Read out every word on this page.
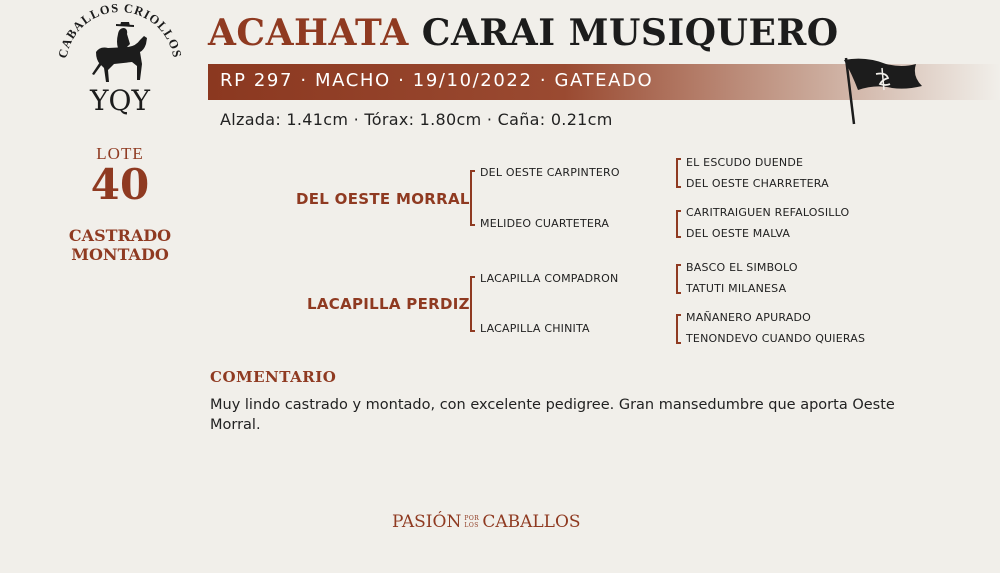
CABALLOS CRIOLLOS
YQY
LOTE
40
CASTRADO
MONTADO
ACAHATA CARAI MUSIQUERO
RP 297 · MACHO · 19/10/2022 · GATEADO
Alzada: 1.41cm · Tórax: 1.80cm · Caña: 0.21cm
DEL OESTE MORRAL
DEL OESTE CARPINTERO
MELIDEO CUARTETERA
EL ESCUDO DUENDE
DEL OESTE CHARRETERA
CARITRAIGUEN REFALOSILLO
DEL OESTE MALVA
LACAPILLA PERDIZ
LACAPILLA COMPADRON
LACAPILLA CHINITA
BASCO EL SIMBOLO
TATUTI MILANESA
MAÑANERO APURADO
TENONDEVO CUANDO QUIERAS
COMENTARIO
Muy lindo castrado y montado, con excelente pedigree. Gran mansedumbre que aporta Oeste Morral.
PASIÓN POR
LOS CABALLOS
